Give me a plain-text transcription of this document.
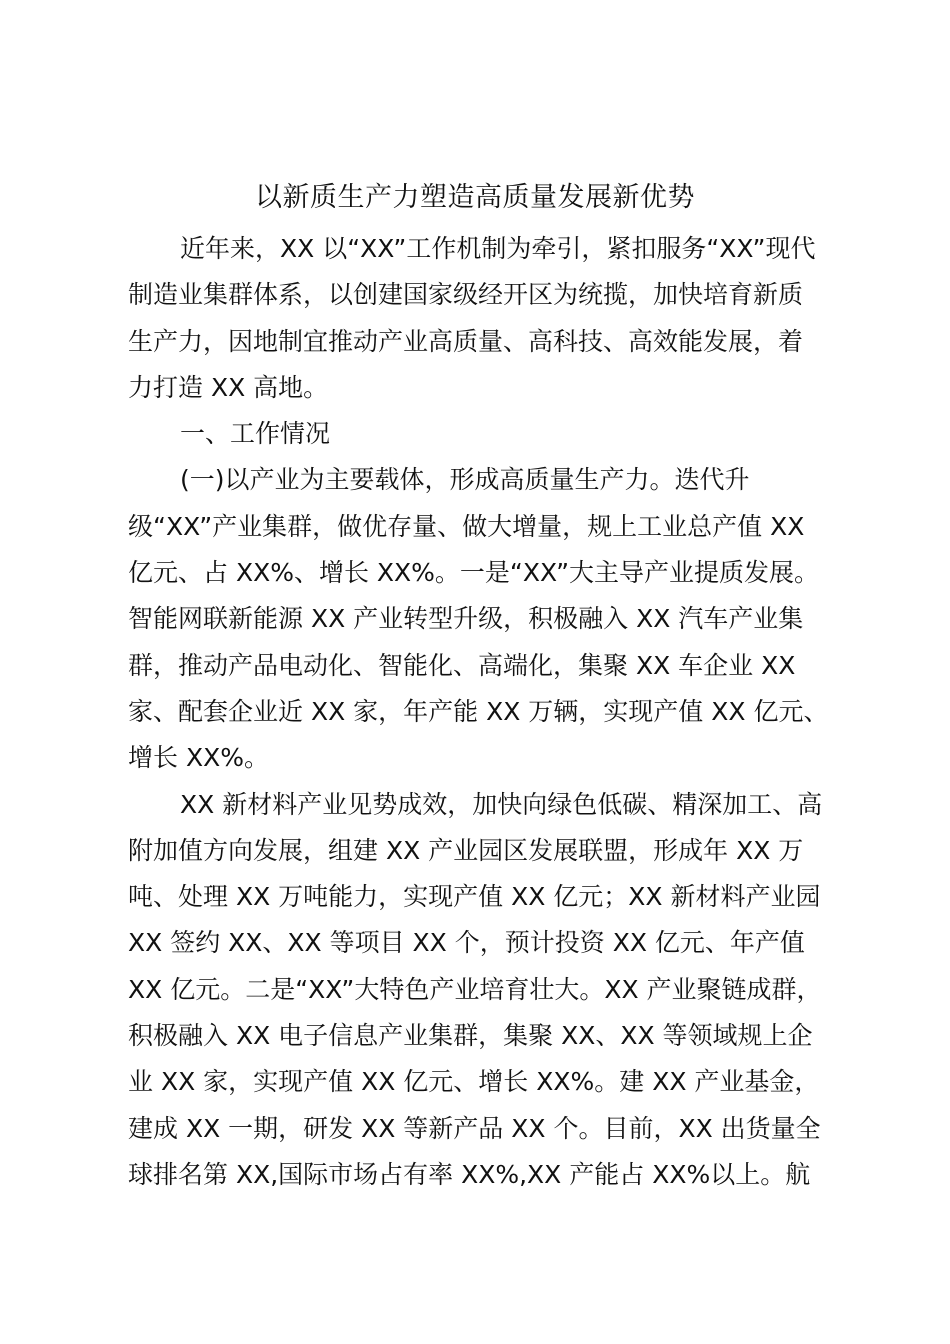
以新质生产力塑造高质量发展新优势
近年来，XX 以“XX”工作机制为牵引，紧扣服务“XX”现代
制造业集群体系，以创建国家级经开区为统揽，加快培育新质
生产力，因地制宜推动产业高质量、高科技、高效能发展，着
力打造 XX 高地。
一、工作情况
(一)以产业为主要载体，形成高质量生产力。迭代升
级“XX”产业集群，做优存量、做大增量，规上工业总产值 XX
亿元、占 XX%、增长 XX%。一是“XX”大主导产业提质发展。
智能网联新能源 XX 产业转型升级，积极融入 XX 汽车产业集
群，推动产品电动化、智能化、高端化，集聚 XX 车企业 XX
家、配套企业近 XX 家，年产能 XX 万辆，实现产值 XX 亿元、
增长 XX%。
XX 新材料产业见势成效，加快向绿色低碳、精深加工、高
附加值方向发展，组建 XX 产业园区发展联盟，形成年 XX 万
吨、处理 XX 万吨能力，实现产值 XX 亿元；XX 新材料产业园
XX 签约 XX、XX 等项目 XX 个，预计投资 XX 亿元、年产值
XX 亿元。二是“XX”大特色产业培育壮大。XX 产业聚链成群，
积极融入 XX 电子信息产业集群，集聚 XX、XX 等领域规上企
业 XX 家，实现产值 XX 亿元、增长 XX%。建 XX 产业基金，
建成 XX 一期，研发 XX 等新产品 XX 个。目前，XX 出货量全
球排名第 XX,国际市场占有率 XX%,XX 产能占 XX%以上。航
